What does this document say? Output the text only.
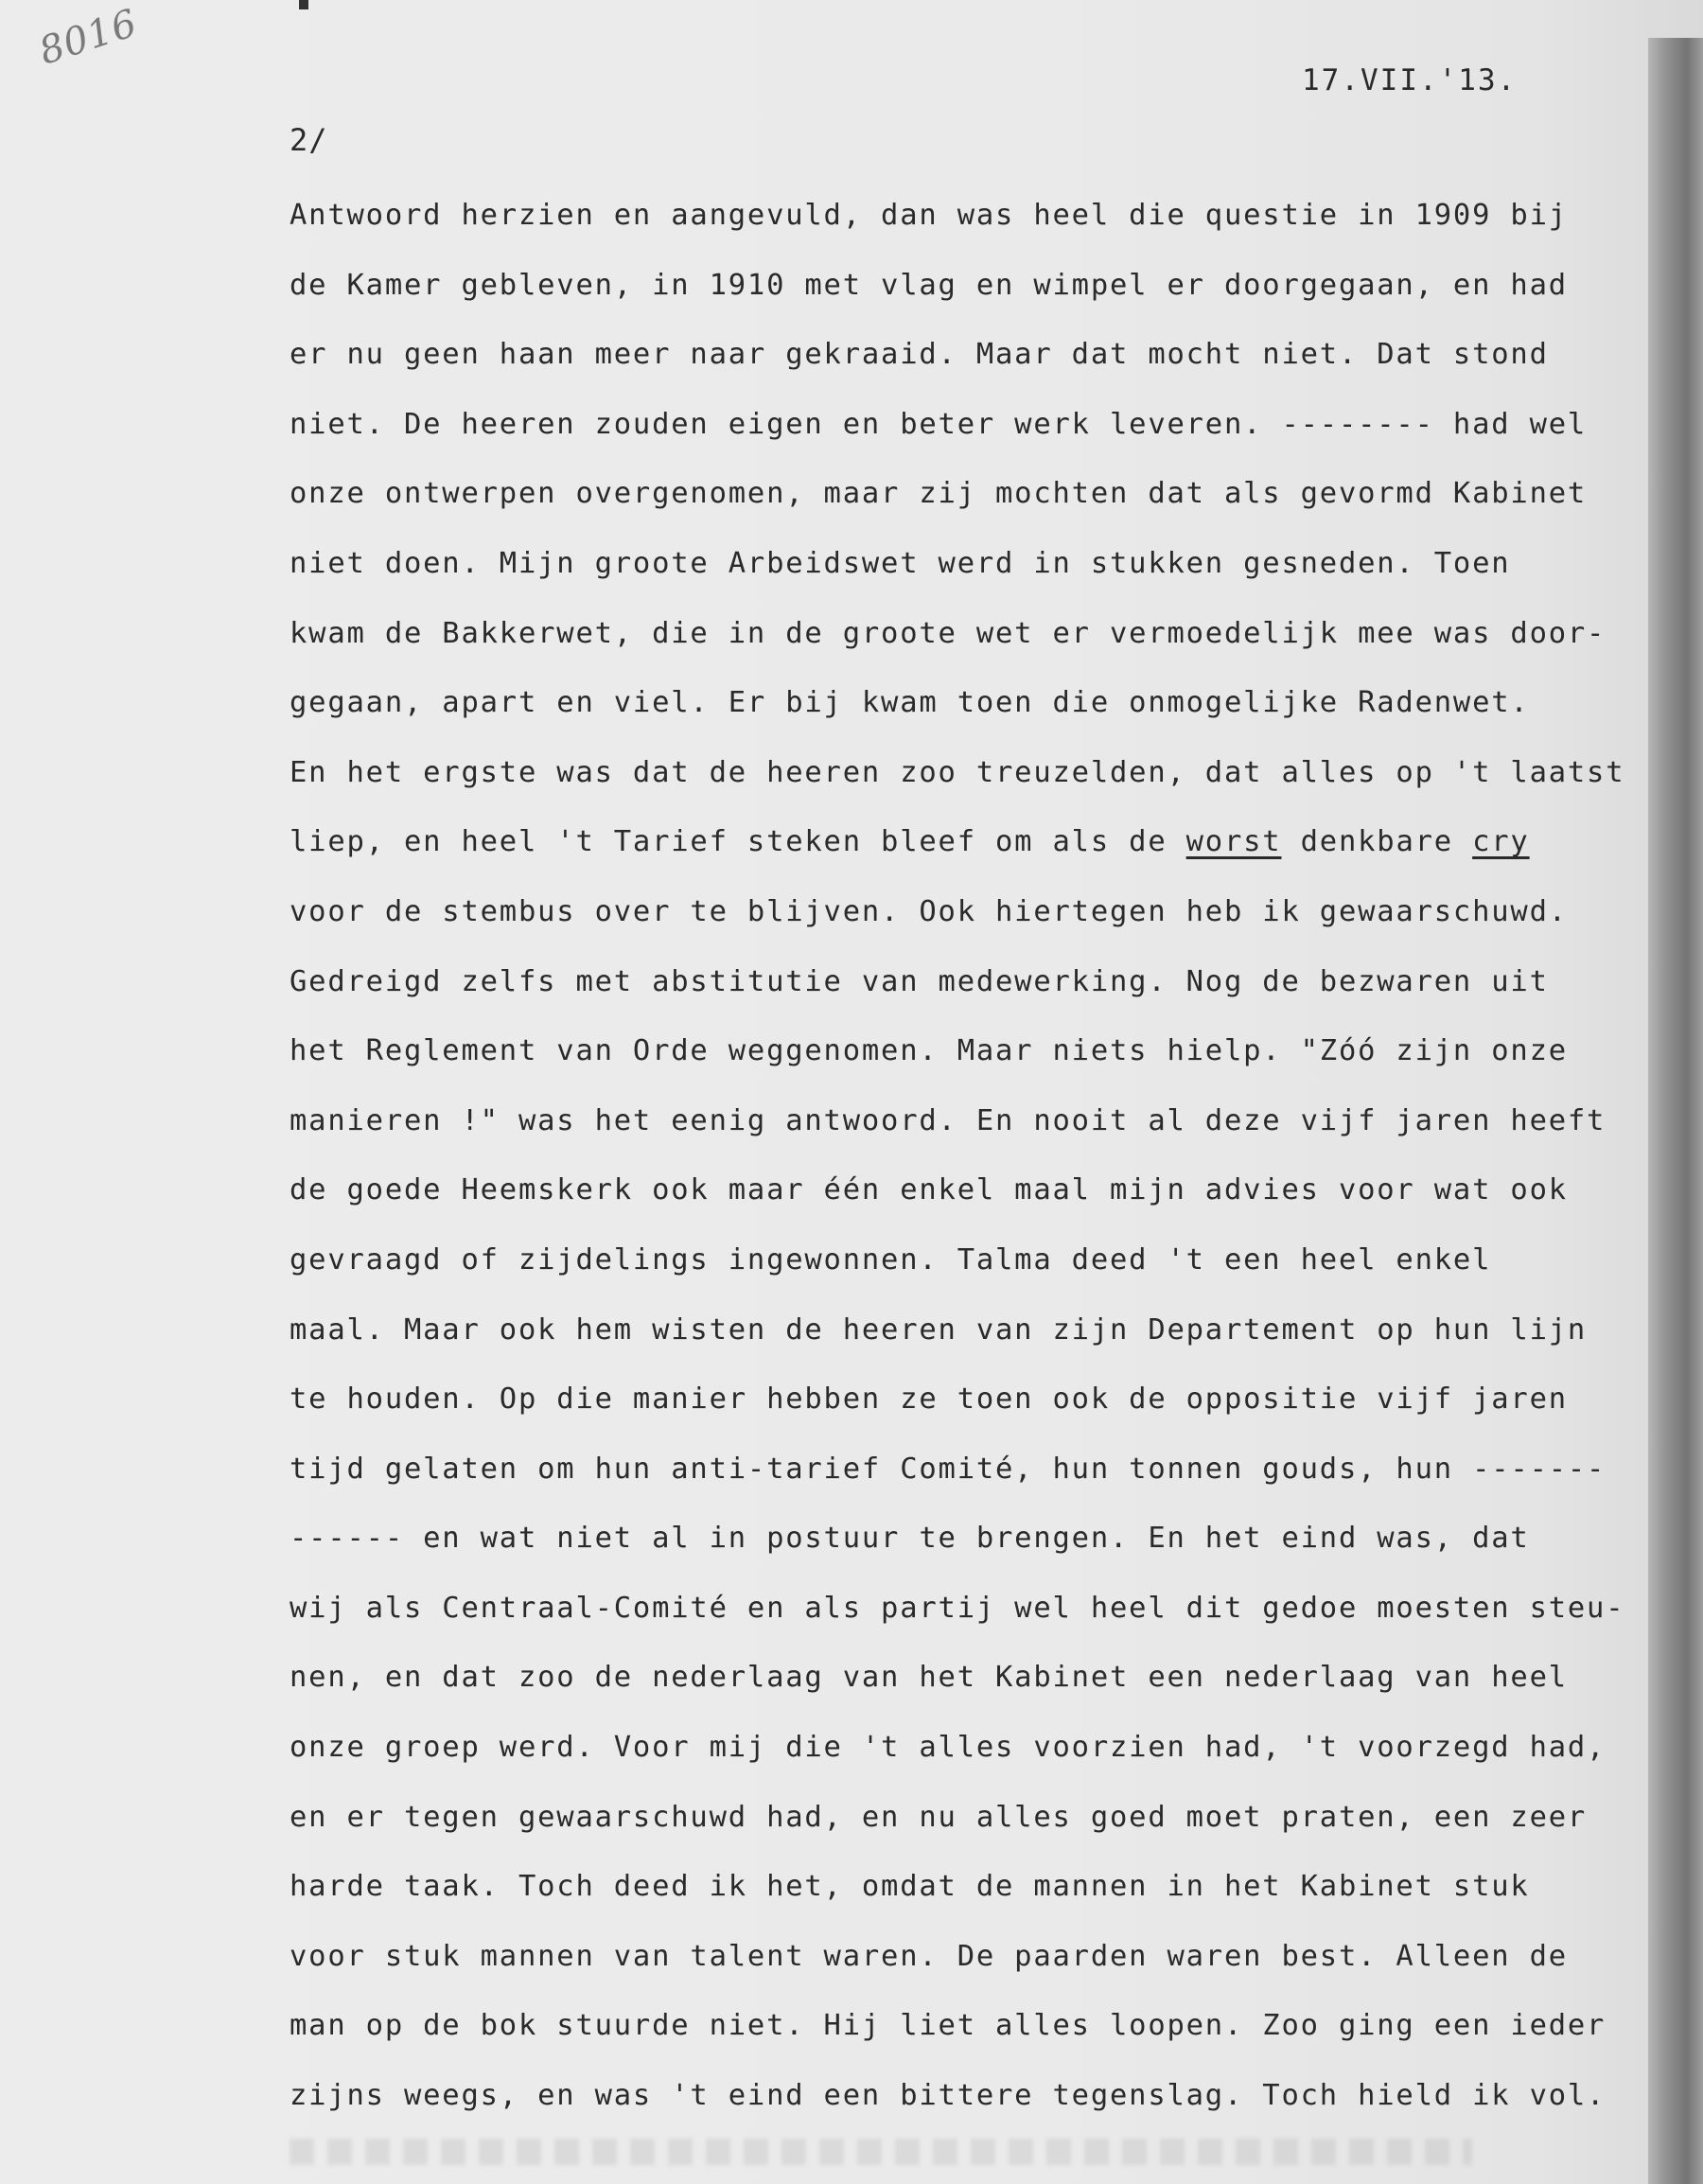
8016
17.VII.'13.
2/
Antwoord herzien en aangevuld, dan was heel die questie in 1909 bij
de Kamer gebleven, in 1910 met vlag en wimpel er doorgegaan, en had
er nu geen haan meer naar gekraaid. Maar dat mocht niet. Dat stond
niet. De heeren zouden eigen en beter werk leveren. -------- had wel
onze ontwerpen overgenomen, maar zij mochten dat als gevormd Kabinet
niet doen. Mijn groote Arbeidswet werd in stukken gesneden. Toen
kwam de Bakkerwet, die in de groote wet er vermoedelijk mee was door-
gegaan, apart en viel. Er bij kwam toen die onmogelijke Radenwet.
En het ergste was dat de heeren zoo treuzelden, dat alles op 't laatst
liep, en heel 't Tarief steken bleef om als de worst denkbare cry
voor de stembus over te blijven. Ook hiertegen heb ik gewaarschuwd.
Gedreigd zelfs met abstitutie van medewerking. Nog de bezwaren uit
het Reglement van Orde weggenomen. Maar niets hielp. "Zóó zijn onze
manieren !" was het eenig antwoord. En nooit al deze vijf jaren heeft
de goede Heemskerk ook maar één enkel maal mijn advies voor wat ook
gevraagd of zijdelings ingewonnen. Talma deed 't een heel enkel
maal. Maar ook hem wisten de heeren van zijn Departement op hun lijn
te houden. Op die manier hebben ze toen ook de oppositie vijf jaren
tijd gelaten om hun anti-tarief Comité, hun tonnen gouds, hun -------
------ en wat niet al in postuur te brengen. En het eind was, dat
wij als Centraal-Comité en als partij wel heel dit gedoe moesten steu-
nen, en dat zoo de nederlaag van het Kabinet een nederlaag van heel
onze groep werd. Voor mij die 't alles voorzien had, 't voorzegd had,
en er tegen gewaarschuwd had, en nu alles goed moet praten, een zeer
harde taak. Toch deed ik het, omdat de mannen in het Kabinet stuk
voor stuk mannen van talent waren. De paarden waren best. Alleen de
man op de bok stuurde niet. Hij liet alles loopen. Zoo ging een ieder
zijns weegs, en was 't eind een bittere tegenslag. Toch hield ik vol.
